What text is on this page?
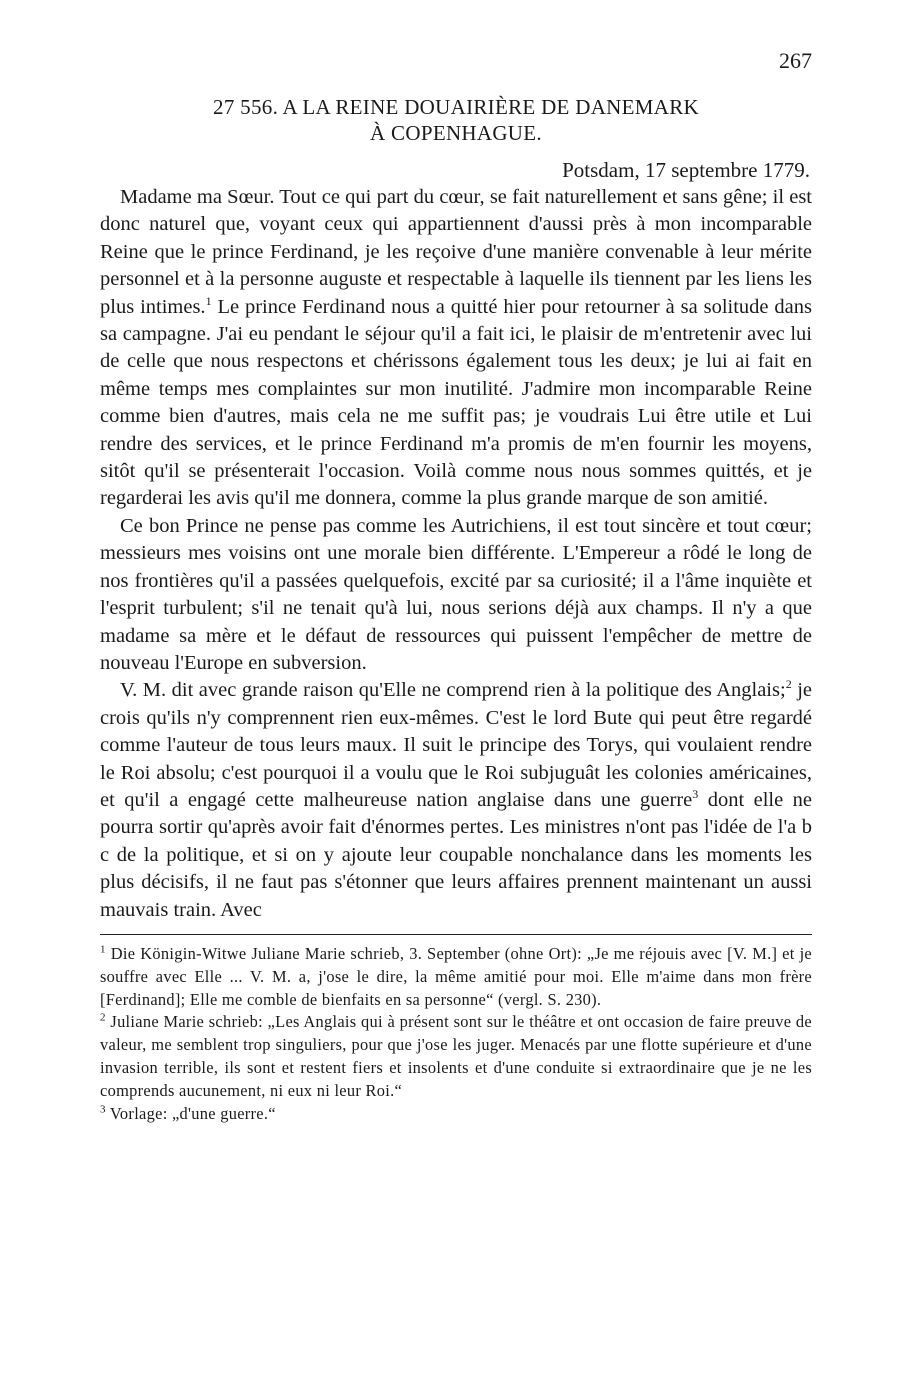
267
27 556. A LA REINE DOUAIRIÈRE DE DANEMARK
À COPENHAGUE.
Potsdam, 17 septembre 1779.

Madame ma Sœur. Tout ce qui part du cœur, se fait naturellement et sans gêne; il est donc naturel que, voyant ceux qui appartiennent d'aussi près à mon incomparable Reine que le prince Ferdinand, je les reçoive d'une manière convenable à leur mérite personnel et à la personne auguste et respectable à laquelle ils tiennent par les liens les plus intimes.$^1$ Le prince Ferdinand nous a quitté hier pour retourner à sa solitude dans sa campagne. J'ai eu pendant le séjour qu'il a fait ici, le plaisir de m'entretenir avec lui de celle que nous respectons et chérissons également tous les deux; je lui ai fait en même temps mes complaintes sur mon inutilité. J'admire mon incomparable Reine comme bien d'autres, mais cela ne me suffit pas; je voudrais Lui être utile et Lui rendre des services, et le prince Ferdinand m'a promis de m'en fournir les moyens, sitôt qu'il se présenterait l'occasion. Voilà comme nous nous sommes quittés, et je regarderai les avis qu'il me donnera, comme la plus grande marque de son amitié.

Ce bon Prince ne pense pas comme les Autrichiens, il est tout sincère et tout cœur; messieurs mes voisins ont une morale bien différente. L'Empereur a rôdé le long de nos frontières qu'il a passées quelquefois, excité par sa curiosité; il a l'âme inquiète et l'esprit turbulent; s'il ne tenait qu'à lui, nous serions déjà aux champs. Il n'y a que madame sa mère et le défaut de ressources qui puissent l'empêcher de mettre de nouveau l'Europe en subversion.

V. M. dit avec grande raison qu'Elle ne comprend rien à la politique des Anglais;$^2$ je crois qu'ils n'y comprennent rien eux-mêmes. C'est le lord Bute qui peut être regardé comme l'auteur de tous leurs maux. Il suit le principe des Torys, qui voulaient rendre le Roi absolu; c'est pourquoi il a voulu que le Roi subjuguât les colonies américaines, et qu'il a engagé cette malheureuse nation anglaise dans une guerre$^3$ dont elle ne pourra sortir qu'après avoir fait d'énormes pertes. Les ministres n'ont pas l'idée de l'a b c de la politique, et si on y ajoute leur coupable nonchalance dans les moments les plus décisifs, il ne faut pas s'étonner que leurs affaires prennent maintenant un aussi mauvais train. Avec

$^1$ Die Königin-Witwe Juliane Marie schrieb, 3. September (ohne Ort): „Je me réjouis avec [V. M.] et je souffre avec Elle ... V. M. a, j'ose le dire, la même amitié pour moi. Elle m'aime dans mon frère [Ferdinand]; Elle me comble de bienfaits en sa personne“ (vergl. S. 230).

$^2$ Juliane Marie schrieb: „Les Anglais qui à présent sont sur le théâtre et ont occasion de faire preuve de valeur, me semblent trop singuliers, pour que j'ose les juger. Menacés par une flotte supérieure et d'une invasion terrible, ils sont et restent fiers et insolents et d'une conduite si extraordinaire que je ne les comprends aucunement, ni eux ni leur Roi.“

$^3$ Vorlage: „d'une guerre.“
